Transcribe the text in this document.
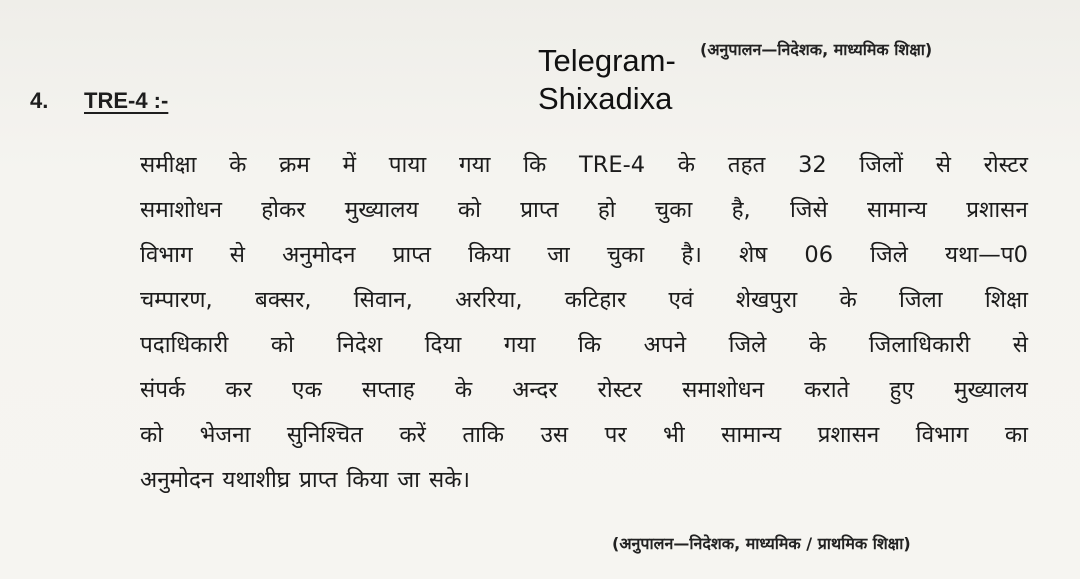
(अनुपालन—निदेशक, माध्यमिक शिक्षा)
Telegram-
Shixadixa
4. TRE-4 :-
समीक्षा के क्रम में पाया गया कि TRE-4 के तहत 32 जिलों से रोस्टर
समाशोधन होकर मुख्यालय को प्राप्त हो चुका है, जिसे सामान्य प्रशासन
विभाग से अनुमोदन प्राप्त किया जा चुका है। शेष 06 जिले यथा—प0
चम्पारण, बक्सर, सिवान, अररिया, कटिहार एवं शेखपुरा के जिला शिक्षा
पदाधिकारी को निदेश दिया गया कि अपने जिले के जिलाधिकारी से
संपर्क कर एक सप्ताह के अन्दर रोस्टर समाशोधन कराते हुए मुख्यालय
को भेजना सुनिश्चित करें ताकि उस पर भी सामान्य प्रशासन विभाग का
अनुमोदन यथाशीघ्र प्राप्त किया जा सके।
(अनुपालन—निदेशक, माध्यमिक / प्राथमिक शिक्षा)
